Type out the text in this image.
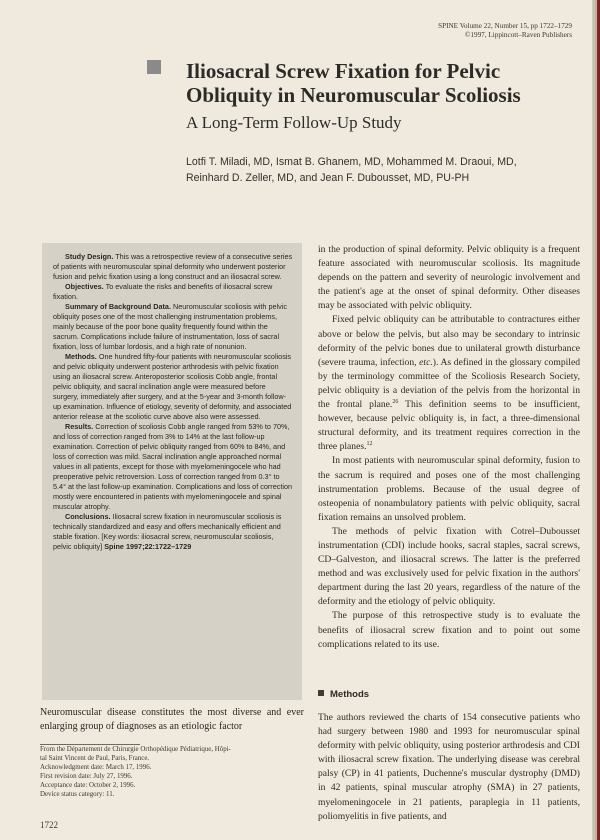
SPINE Volume 22, Number 15, pp 1722–1729
©1997, Lippincott–Raven Publishers
Iliosacral Screw Fixation for Pelvic
Obliquity in Neuromuscular Scoliosis
A Long-Term Follow-Up Study
Lotfi T. Miladi, MD, Ismat B. Ghanem, MD, Mohammed M. Draoui, MD,
Reinhard D. Zeller, MD, and Jean F. Dubousset, MD, PU-PH

Study Design. This was a retrospective review of a consecutive series of patients with neuromuscular spinal deformity who underwent posterior fusion and pelvic fixation using a long construct and an iliosacral screw.

Objectives. To evaluate the risks and benefits of iliosacral screw fixation.

Summary of Background Data. Neuromuscular scoliosis with pelvic obliquity poses one of the most challenging instrumentation problems, mainly because of the poor bone quality frequently found within the sacrum. Complications include failure of instrumentation, loss of sacral fixation, loss of lumbar lordosis, and a high rate of nonunion.

Methods. One hundred fifty-four patients with neuromuscular scoliosis and pelvic obliquity underwent posterior arthrodesis with pelvic fixation using an iliosacral screw. Anteroposterior scoliosis Cobb angle, frontal pelvic obliquity, and sacral inclination angle were measured before surgery, immediately after surgery, and at the 5-year and 3-month follow-up examination. Influence of etiology, severity of deformity, and associated anterior release at the scoliotic curve above also were assessed.

Results. Correction of scoliosis Cobb angle ranged from 53% to 70%, and loss of correction ranged from 3% to 14% at the last follow-up examination. Correction of pelvic obliquity ranged from 60% to 84%, and loss of correction was mild. Sacral inclination angle approached normal values in all patients, except for those with myelomeningocele who had preoperative pelvic retroversion. Loss of correction ranged from 0.3° to 5.4° at the last follow-up examination. Complications and loss of correction mostly were encountered in patients with myelomeningocele and spinal muscular atrophy.

Conclusions. Iliosacral screw fixation in neuromuscular scoliosis is technically standardized and easy and offers mechanically efficient and stable fixation. [Key words: iliosacral screw, neuromuscular scoliosis, pelvic obliquity] Spine 1997;22:1722–1729

Neuromuscular disease constitutes the most diverse and ever enlarging group of diagnoses as an etiologic factor

From the Département de Chirurgie Orthopédique Pédiatrique, Hôpi-
tal Saint Vincent de Paul, Paris, France.
Acknowledgment date: March 17, 1996.
First revision date: July 27, 1996.
Acceptance date: October 2, 1996.
Device status category: 11.

in the production of spinal deformity. Pelvic obliquity is a frequent feature associated with neuromuscular scoliosis. Its magnitude depends on the pattern and severity of neurologic involvement and the patient's age at the onset of spinal deformity. Other diseases may be associated with pelvic obliquity.

Fixed pelvic obliquity can be attributable to contractures either above or below the pelvis, but also may be secondary to intrinsic deformity of the pelvic bones due to unilateral growth disturbance (severe trauma, infection, etc.). As defined in the glossary compiled by the terminology committee of the Scoliosis Research Society, pelvic obliquity is a deviation of the pelvis from the horizontal in the frontal plane.$^{26}$ This definition seems to be insufficient, however, because pelvic obliquity is, in fact, a three-dimensional structural deformity, and its treatment requires correction in the three planes.$^{12}$

In most patients with neuromuscular spinal deformity, fusion to the sacrum is required and poses one of the most challenging instrumentation problems. Because of the usual degree of osteopenia of nonambulatory patients with pelvic obliquity, sacral fixation remains an unsolved problem.

The methods of pelvic fixation with Cotrel–Dubousset instrumentation (CDI) include hooks, sacral staples, sacral screws, CD–Galveston, and iliosacral screws. The latter is the preferred method and was exclusively used for pelvic fixation in the authors' department during the last 20 years, regardless of the nature of the deformity and the etiology of pelvic obliquity.

The purpose of this retrospective study is to evaluate the benefits of iliosacral screw fixation and to point out some complications related to its use.

Methods

The authors reviewed the charts of 154 consecutive patients who had surgery between 1980 and 1993 for neuromuscular spinal deformity with pelvic obliquity, using posterior arthrodesis and CDI with iliosacral screw fixation. The underlying disease was cerebral palsy (CP) in 41 patients, Duchenne's muscular dystrophy (DMD) in 42 patients, spinal muscular atrophy (SMA) in 27 patients, myelomeningocele in 21 patients, paraplegia in 11 patients, poliomyelitis in five patients, and

1722
